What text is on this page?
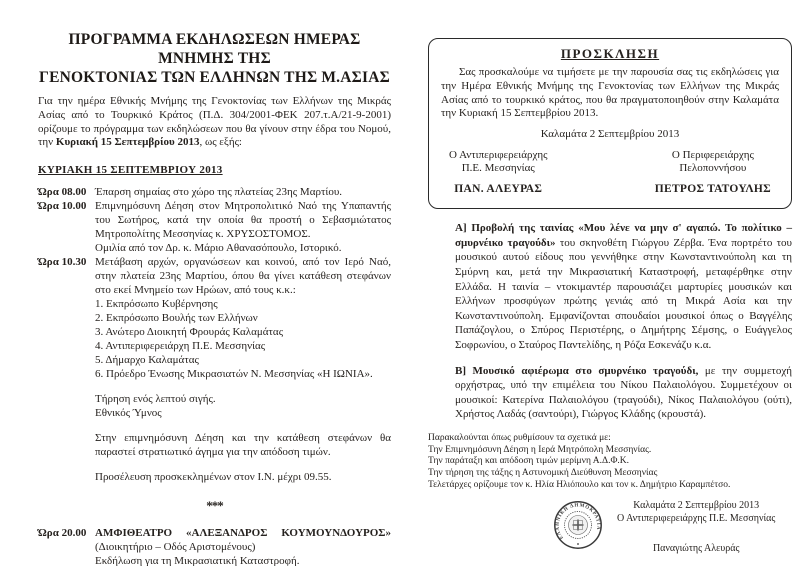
ΠΡΟΓΡΑΜΜΑ ΕΚΔΗΛΩΣΕΩΝ ΗΜΕΡΑΣ ΜΝΗΜΗΣ ΤΗΣ
ΓΕΝΟΚΤΟΝΙΑΣ ΤΩΝ ΕΛΛΗΝΩΝ ΤΗΣ Μ.ΑΣΙΑΣ

Για την ημέρα Εθνικής Μνήμης της Γενοκτονίας των Ελλήνων της Μικράς Ασίας από το Τουρκικό Κράτος (Π.Δ. 304/2001-ΦΕΚ 207.τ.Α/21-9-2001) ορίζουμε το πρόγραμμα των εκδηλώσεων που θα γίνουν στην έδρα του Νομού, την Κυριακή 15 Σεπτεμβρίου 2013, ως εξής:

ΚΥΡΙΑΚΗ 15 ΣΕΠΤΕΜΒΡΙΟΥ 2013
Ώρα 08.00 Έπαρση σημαίας στο χώρο της πλατείας 23ης Μαρτίου.
Ώρα 10.00 Επιμνημόσυνη Δέηση στον Μητροπολιτικό Ναό της Υπαπαντής του Σωτήρος, κατά την οποία θα προστή ο Σεβασμιώτατος Μητροπολίτης Μεσσηνίας κ. ΧΡΥΣΟΣΤΟΜΟΣ.
Ομιλία από τον Δρ. κ. Μάριο Αθανασόπουλο, Ιστορικό.
Ώρα 10.30 Μετάβαση αρχών, οργανώσεων και κοινού, από τον Ιερό Ναό, στην πλατεία 23ης Μαρτίου, όπου θα γίνει κατάθεση στεφάνων στο εκεί Μνημείο των Ηρώων, από τους κ.κ.:
1. Εκπρόσωπο Κυβέρνησης
2. Εκπρόσωπο Βουλής των Ελλήνων
3. Ανώτερο Διοικητή Φρουράς Καλαμάτας
4. Αντιπεριφερειάρχη Π.Ε. Μεσσηνίας
5. Δήμαρχο Καλαμάτας
6. Πρόεδρο Ένωσης Μικρασιατών Ν. Μεσσηνίας «Η ΙΩΝΙΑ».
Τήρηση ενός λεπτού σιγής.
Εθνικός Ύμνος
Στην επιμνημόσυνη Δέηση και την κατάθεση στεφάνων θα παραστεί στρατιωτικό άγημα για την απόδοση τιμών.
Προσέλευση προσκεκλημένων στον Ι.Ν. μέχρι 09.55.
***
Ώρα 20.00 ΑΜΦΙΘΕΑΤΡΟ «ΑΛΕΞΑΝΔΡΟΣ ΚΟΥΜΟΥΝΔΟΥΡΟΣ» (Διοικητήριο – Οδός Αριστομένους)
Εκδήλωση για τη Μικρασιατική Καταστροφή.
ΠΡΟΣΚΛΗΣΗ

Σας προσκαλούμε να τιμήσετε με την παρουσία σας τις εκδηλώσεις για την Ημέρα Εθνικής Μνήμης της Γενοκτονίας των Ελλήνων της Μικράς Ασίας από το τουρκικό κράτος, που θα πραγματοποιηθούν στην Καλαμάτα την Κυριακή 15 Σεπτεμβρίου 2013.

Καλαμάτα 2 Σεπτεμβρίου 2013
Ο Αντιπεριφερειάρχης
Π.Ε. Μεσσηνίας
ΠΑΝ. ΑΛΕΥΡΑΣ
Ο Περιφερειάρχης
Πελοποννήσου
ΠΕΤΡΟΣ ΤΑΤΟΥΛΗΣ

Α] Προβολή της ταινίας «Μου λένε να μην σ' αγαπώ. Το πολίτικο – σμυρνέικο τραγούδι» του σκηνοθέτη Γιώργου Ζέρβα. Ένα πορτρέτο του μουσικού αυτού είδους που γεννήθηκε στην Κωνσταντινούπολη και τη Σμύρνη και, μετά την Μικρασιατική Καταστροφή, μεταφέρθηκε στην Ελλάδα. Η ταινία – ντοκιμαντέρ παρουσιάζει μαρτυρίες μουσικών και Ελλήνων προσφύγων πρώτης γενιάς από τη Μικρά Ασία και την Κωνσταντινούπολη. Εμφανίζονται σπουδαίοι μουσικοί όπως ο Βαγγέλης Παπάζογλου, ο Σπύρος Περιστέρης, ο Δημήτρης Σέμσης, ο Ευάγγελος Σοφρωνίου, ο Σταύρος Παντελίδης, η Ρόζα Εσκενάζυ κ.α.

Β] Μουσικό αφιέρωμα στο σμυρνέικο τραγούδι, με την συμμετοχή ορχήστρας, υπό την επιμέλεια του Νίκου Παλαιολόγου. Συμμετέχουν οι μουσικοί: Κατερίνα Παλαιολόγου (τραγούδι), Νίκος Παλαιολόγου (ούτι), Χρήστος Λαδάς (σαντούρι), Γιώργος Κλάδης (κρουστά).

Παρακαλούνται όπως ρυθμίσουν τα σχετικά με:
Την Επιμνημόσυνη Δέηση η Ιερά Μητρόπολη Μεσσηνίας.
Την παράταξη και απόδοση τιμών μερίμνη Α.Δ.Φ.Κ.
Την τήρηση της τάξης η Αστυνομική Διεύθυνση Μεσσηνίας
Τελετάρχες ορίζουμε τον κ. Ηλία Ηλιόπουλο και τον κ. Δημήτριο Καραμπέτσο.
ΕΛΛΗΝΙΚΗ ΔΗΜΟΚΡΑΤΙΑ
Καλαμάτα 2 Σεπτεμβρίου 2013
Ο Αντιπεριφερειάρχης Π.Ε. Μεσσηνίας
Παναγιώτης Αλευράς
